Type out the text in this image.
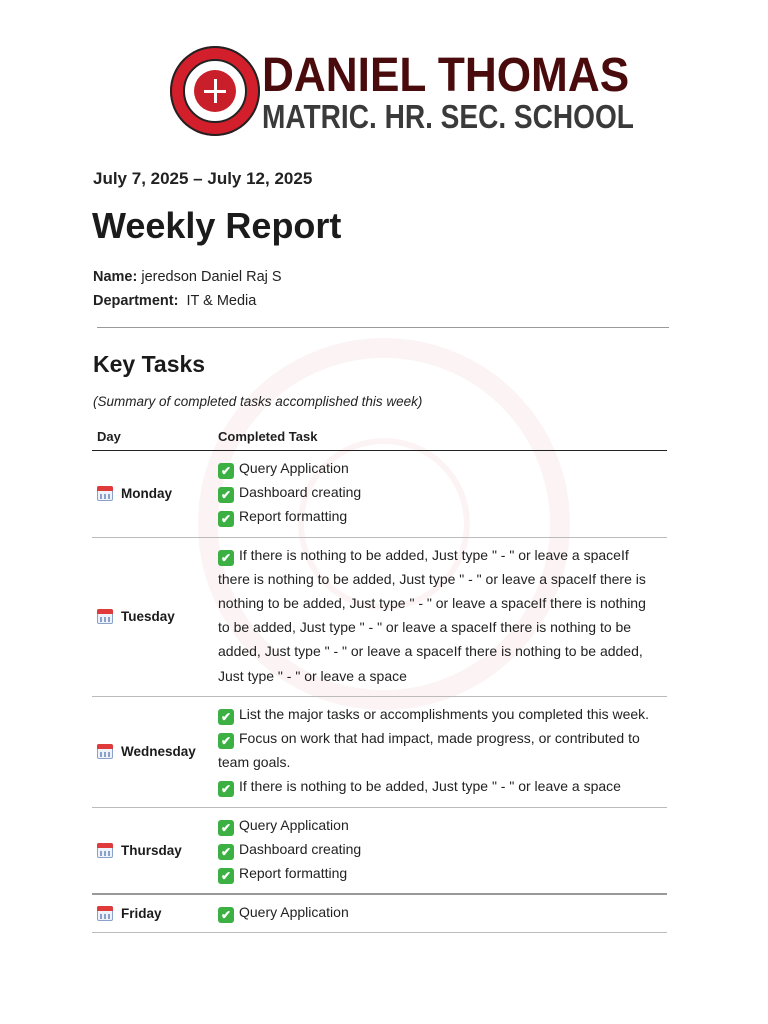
DANIEL THOMAS
MATRIC. HR. SEC. SCHOOL
July 7, 2025 – July 12, 2025
Weekly Report
Name: jeredson Daniel Raj S
Department: IT & Media
Key Tasks
(Summary of completed tasks accomplished this week)
Day	Completed Task
Monday
✔ Query Application
✔ Dashboard creating
✔ Report formatting
Tuesday
✔ If there is nothing to be added, Just type " - " or leave a spaceIf there is nothing to be added, Just type " - " or leave a spaceIf there is nothing to be added, Just type " - " or leave a spaceIf there is nothing to be added, Just type " - " or leave a spaceIf there is nothing to be added, Just type " - " or leave a spaceIf there is nothing to be added, Just type " - " or leave a space
Wednesday
✔ List the major tasks or accomplishments you completed this week.
✔ Focus on work that had impact, made progress, or contributed to team goals.
✔ If there is nothing to be added, Just type " - " or leave a space
Thursday
✔ Query Application
✔ Dashboard creating
✔ Report formatting
Friday	✔ Query Application
